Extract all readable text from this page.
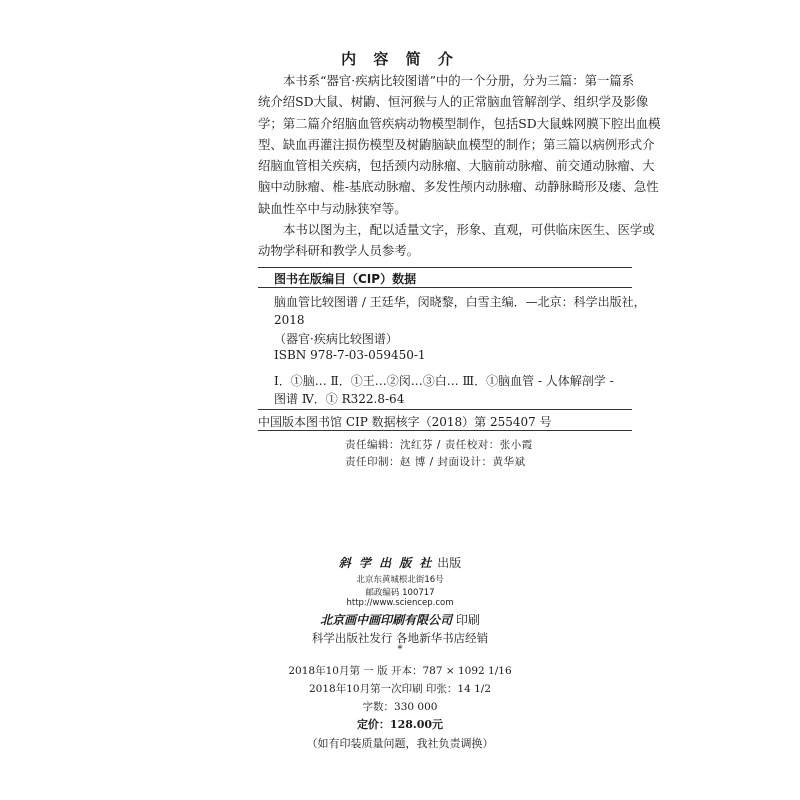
内 容 简 介
本书系“器官·疾病比较图谱”中的一个分册，分为三篇：第一篇系
统介绍SD大鼠、树鼩、恒河猴与人的正常脑血管解剖学、组织学及影像
学；第二篇介绍脑血管疾病动物模型制作，包括SD大鼠蛛网膜下腔出血模
型、缺血再灌注损伤模型及树鼩脑缺血模型的制作；第三篇以病例形式介
绍脑血管相关疾病，包括颈内动脉瘤、大脑前动脉瘤、前交通动脉瘤、大
脑中动脉瘤、椎-基底动脉瘤、多发性颅内动脉瘤、动静脉畸形及瘘、急性
缺血性卒中与动脉狭窄等。
本书以图为主，配以适量文字，形象、直观，可供临床医生、医学或
动物学科研和教学人员参考。
图书在版编目（CIP）数据
脑血管比较图谱 / 王廷华，闵晓黎，白雪主编．—北京：科学出版社，
2018
（器官·疾病比较图谱）
ISBN 978-7-03-059450-1
Ⅰ．①脑… Ⅱ．①王…②闵…③白… Ⅲ．①脑血管 - 人体解剖学 -
图谱 Ⅳ．① R322.8-64
中国版本图书馆 CIP 数据核字（2018）第 255407 号
责任编辑：沈红芬 / 责任校对：张小霞
责任印制：赵 博 / 封面设计：黄华斌
斜 学 出 版 社 出版
北京东黄城根北街16号
邮政编码 100717
http://www.sciencep.com
北京画中画印刷有限公司 印刷
科学出版社发行 各地新华书店经销
*
2018年10月第 一 版 开本：787 × 1092 1/16
2018年10月第一次印刷 印张：14 1/2
字数：330 000
定价：128.00元
（如有印装质量问题，我社负责调换）
